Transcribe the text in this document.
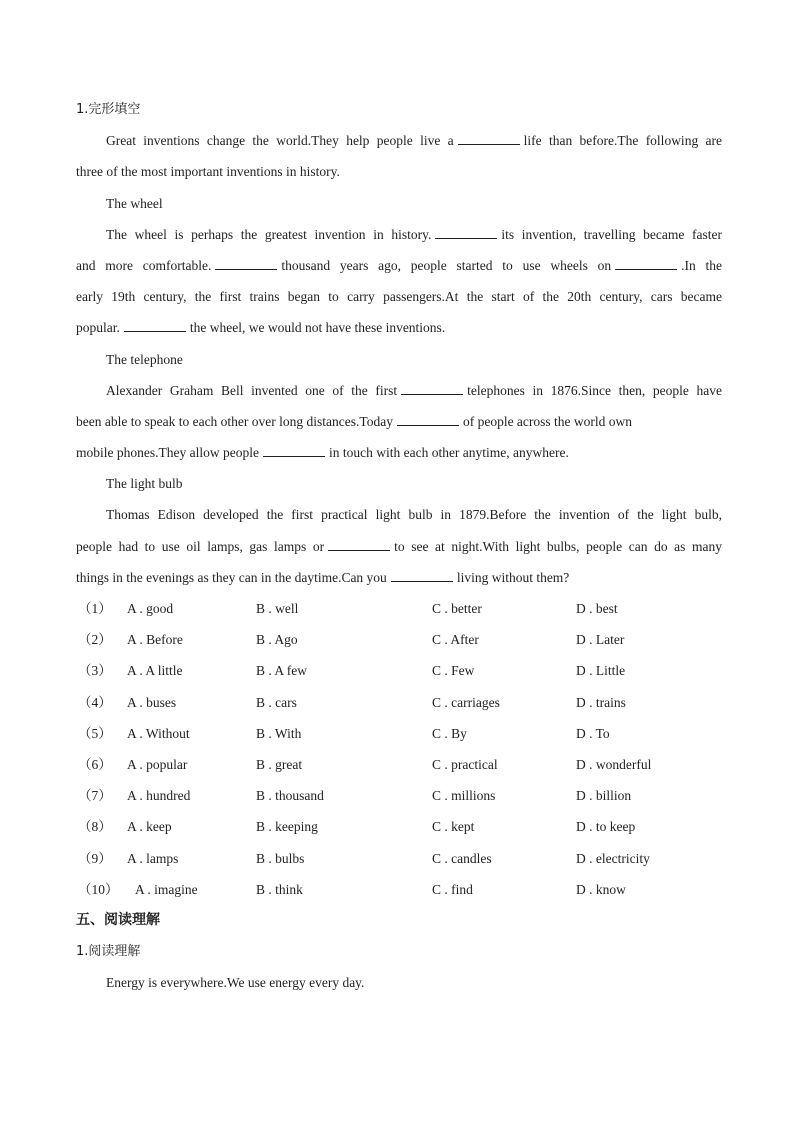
1.完形填空
Great inventions change the world.They help people live a	life than before.The following are
three of the most important inventions in history.
The wheel
The wheel is perhaps the greatest invention in history.	its invention, travelling became faster
and more comfortable.	thousand years ago, people started to use wheels on	.In the
early 19th century, the first trains began to carry passengers.At the start of the 20th century, cars became
popular.	the wheel, we would not have these inventions.
The telephone
Alexander Graham Bell invented one of the first	telephones in 1876.Since then, people have
been able to speak to each other over long distances.Today	of people across the world own
mobile phones.They allow people	in touch with each other anytime, anywhere.
The light bulb
Thomas Edison developed the first practical light bulb in 1879.Before the invention of the light bulb,
people had to use oil lamps, gas lamps or	to see at night.With light bulbs, people can do as many
things in the evenings as they can in the daytime.Can you	living without them?
（1） A . good	B . well	C . better	D . best
（2） A . Before	B . Ago	C . After	D . Later
（3） A . A little	B . A few	C . Few	D . Little
（4） A . buses	B . cars	C . carriages	D . trains
（5） A . Without	B . With	C . By	D . To
（6） A . popular	B . great	C . practical	D . wonderful
（7） A . hundred	B . thousand	C . millions	D . billion
（8） A . keep	B . keeping	C . kept	D . to keep
（9） A . lamps	B . bulbs	C . candles	D . electricity
（10） A . imagine	B . think	C . find	D . know
五、阅读理解
1.阅读理解
Energy is everywhere.We use energy every day.
